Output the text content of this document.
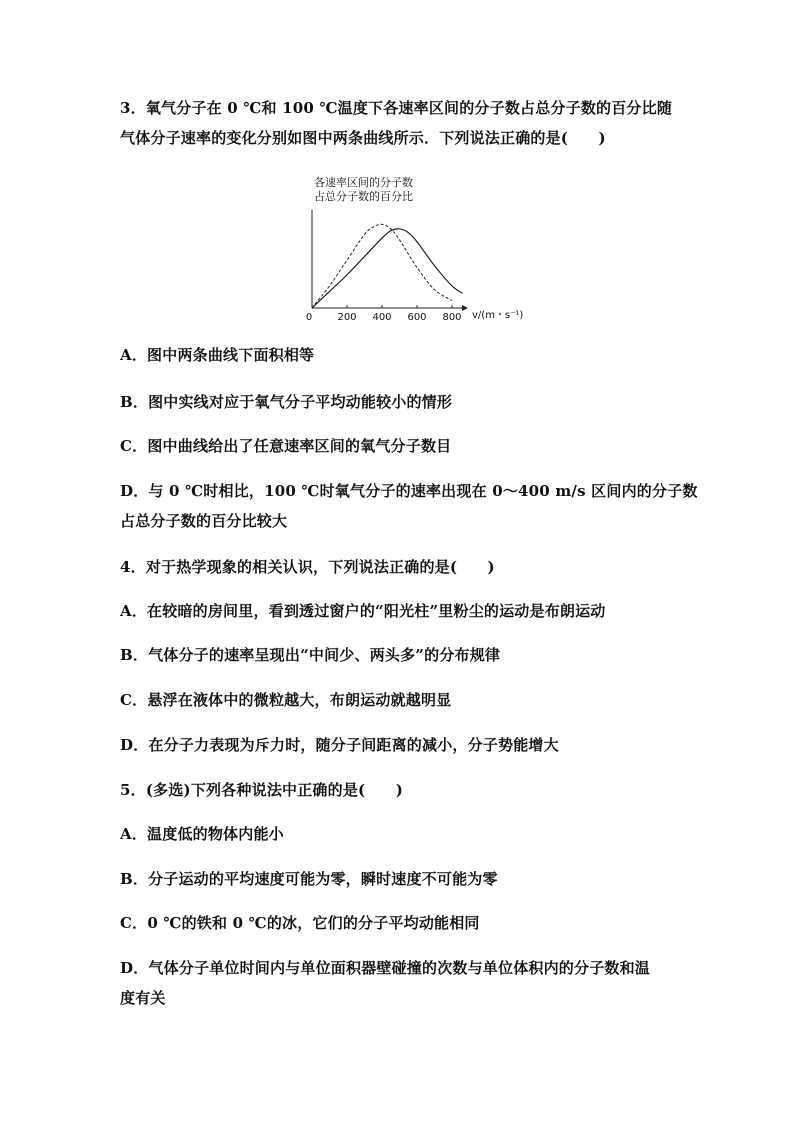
3．氧气分子在 0 ℃和 100 ℃温度下各速率区间的分子数占总分子数的百分比随
气体分子速率的变化分别如图中两条曲线所示．下列说法正确的是(　　)
各速率区间的分子数
占总分子数的百分比
0	200 400 600 800 v/(m・s⁻¹)
A．图中两条曲线下面积相等
B．图中实线对应于氧气分子平均动能较小的情形
C．图中曲线给出了任意速率区间的氧气分子数目
D．与 0 ℃时相比，100 ℃时氧气分子的速率出现在 0～400 m/s 区间内的分子数
占总分子数的百分比较大
4．对于热学现象的相关认识，下列说法正确的是(　　)
A．在较暗的房间里，看到透过窗户的“阳光柱”里粉尘的运动是布朗运动
B．气体分子的速率呈现出“中间少、两头多”的分布规律
C．悬浮在液体中的微粒越大，布朗运动就越明显
D．在分子力表现为斥力时，随分子间距离的减小，分子势能增大
5．(多选)下列各种说法中正确的是(　　)
A．温度低的物体内能小
B．分子运动的平均速度可能为零，瞬时速度不可能为零
C．0 ℃的铁和 0 ℃的冰，它们的分子平均动能相同
D．气体分子单位时间内与单位面积器壁碰撞的次数与单位体积内的分子数和温
度有关
